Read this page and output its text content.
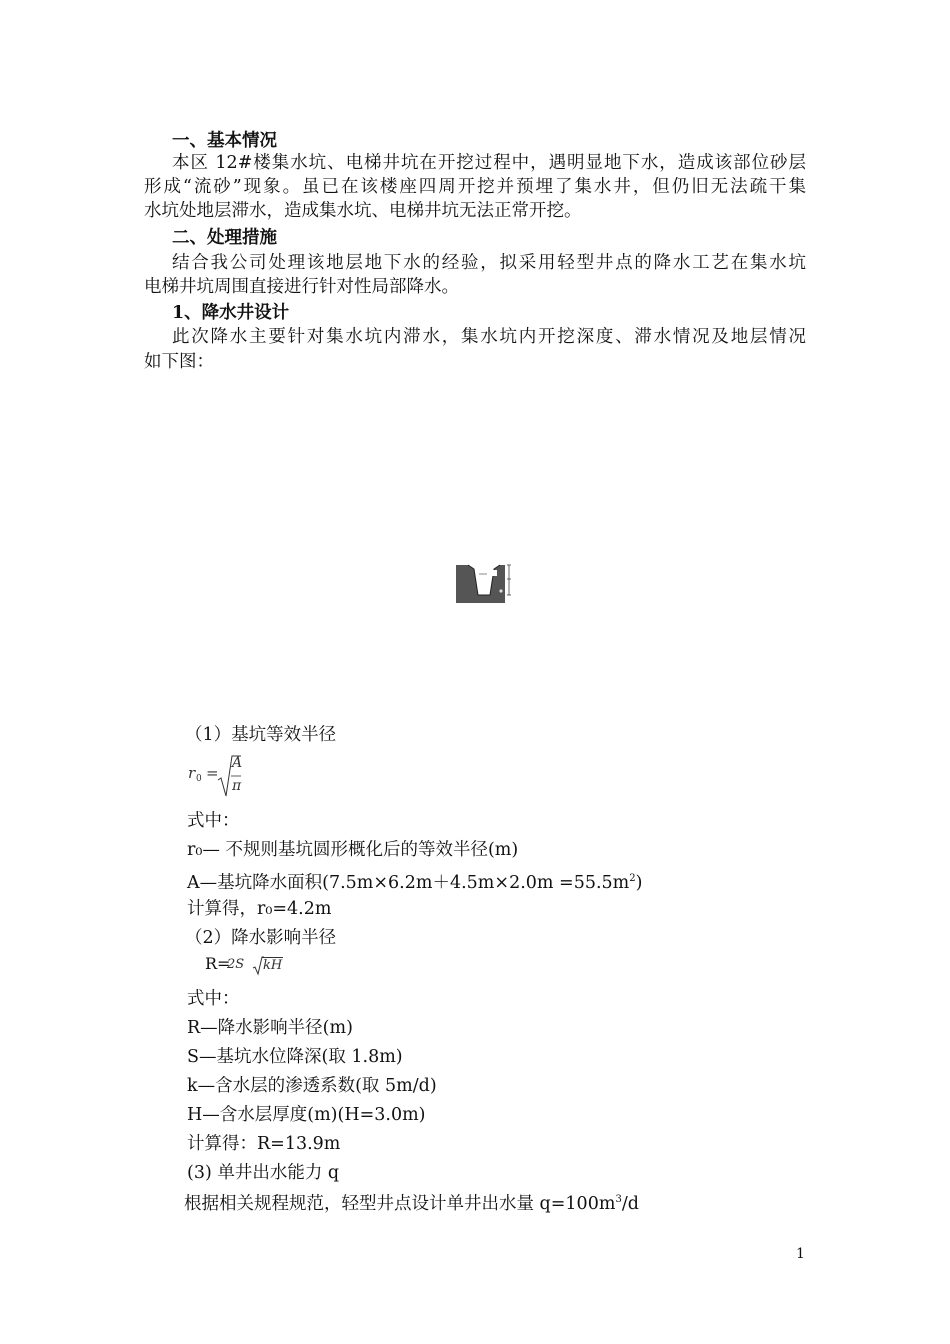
一、基本情况
本区 12#楼集水坑、电梯井坑在开挖过程中，遇明显地下水，造成该部位砂层
形成“流砂”现象。虽已在该楼座四周开挖并预埋了集水井，但仍旧无法疏干集
水坑处地层滞水，造成集水坑、电梯井坑无法正常开挖。
二、处理措施
结合我公司处理该地层地下水的经验，拟采用轻型井点的降水工艺在集水坑
电梯井坑周围直接进行针对性局部降水。
1、降水井设计
此次降水主要针对集水坑内滞水，集水坑内开挖深度、滞水情况及地层情况
如下图：
（1）基坑等效半径
r 0 =
A
π
式中：
r₀— 不规则基坑圆形概化后的等效半径(m)
A—基坑降水面积$(7.5m\times 6.2m+4.5m\times 2.0m =55.5m^2)$
计算得，r₀=4.2m
（2）降水影响半径
R=
2S kH
式中：
R—降水影响半径(m)
S—基坑水位降深(取 1.8m)
k—含水层的渗透系数(取 5m/d)
H—含水层厚度(m)(H=3.0m)
计算得：R=13.9m
(3) 单井出水能力 q
根据相关规程规范，轻型井点设计单井出水量 $q=100m^3/d$
1
